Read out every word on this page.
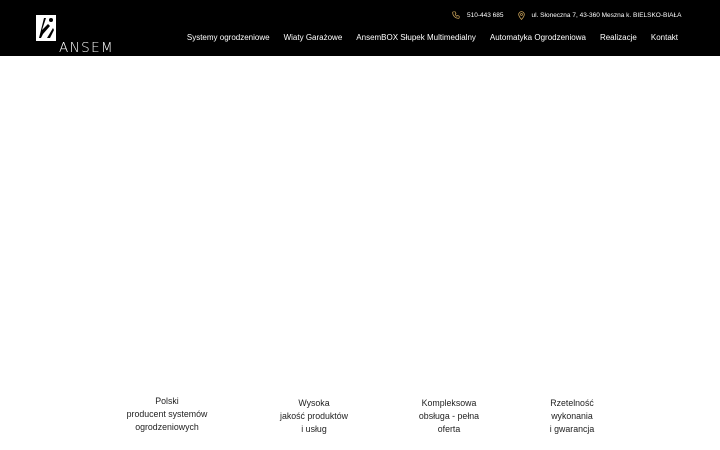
ANSEM

510-443 685	ul. Słoneczna 7, 43-360 Meszna k. BIELSKO-BIAŁA
Systemy ogrodzeniowe Wiaty Garażowe AnsemBOX Słupek Multimedialny Automatyka Ogrodzeniowa Realizacje Kontakt
Polski
producent systemów
ogrodzeniowych
Wysoka
jakość produktów
i usług
Kompleksowa
obsługa - pełna
oferta
Rzetelność
wykonania
i gwarancja
